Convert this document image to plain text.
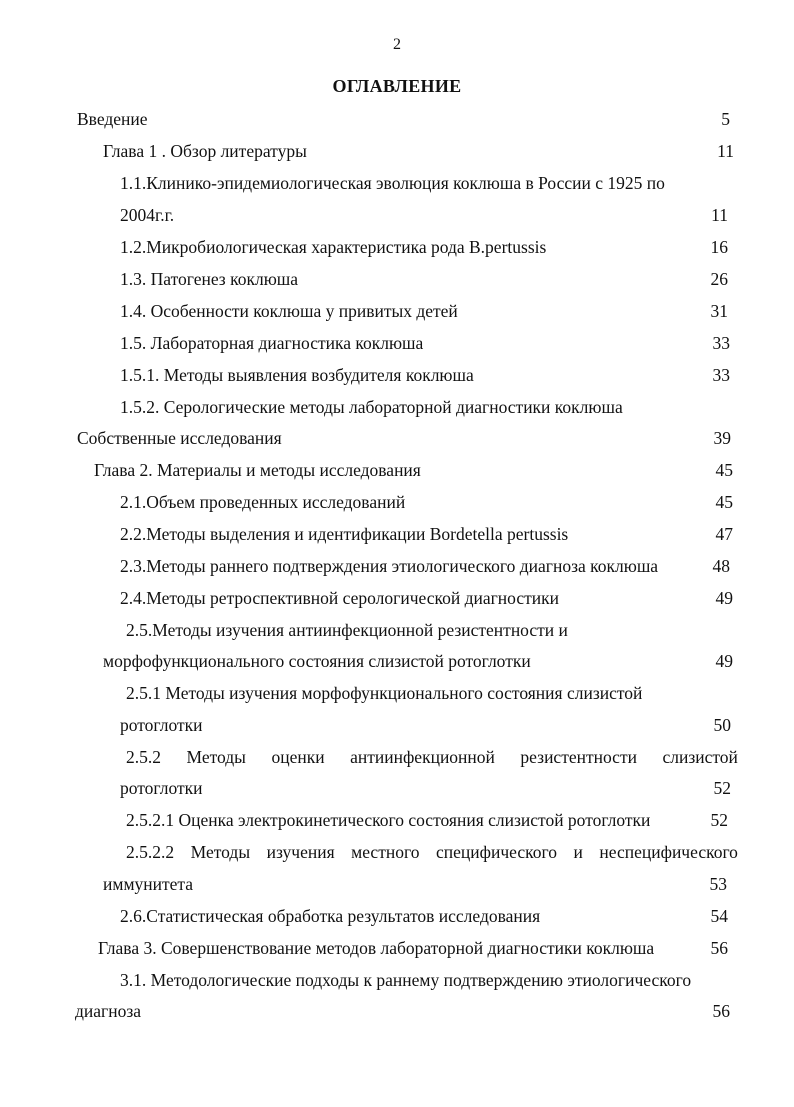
2
ОГЛАВЛЕНИЕ
Введение	5
Глава 1 . Обзор литературы	11
1.1.Клинико-эпидемиологическая эволюция коклюша в России с 1925 по
2004г.г.	11
1.2.Микробиологическая характеристика рода B.pertussis	16
1.3. Патогенез коклюша	26
1.4. Особенности коклюша у привитых детей	31
1.5. Лабораторная диагностика коклюша	33
1.5.1. Методы выявления возбудителя коклюша	33
1.5.2. Серологические методы лабораторной диагностики коклюша
Собственные исследования	39
Глава 2. Материалы и методы исследования	45
2.1.Объем проведенных исследований	45
2.2.Методы выделения и идентификации Bordetella pertussis	47
2.3.Методы раннего подтверждения этиологического диагноза коклюша	48
2.4.Методы ретроспективной серологической диагностики	49
2.5.Методы изучения антиинфекционной резистентности и
морфофункционального состояния слизистой ротоглотки	49
2.5.1 Методы изучения морфофункционального состояния слизистой
ротоглотки	50
2.5.2 Методы оценки антиинфекционной резистентности слизистой
ротоглотки	52
2.5.2.1 Оценка электрокинетического состояния слизистой ротоглотки	52
2.5.2.2 Методы изучения местного специфического и неспецифического
иммунитета	53
2.6.Статистическая обработка результатов исследования	54
Глава 3. Совершенствование методов лабораторной диагностики коклюша	56
3.1. Методологические подходы к раннему подтверждению этиологического
диагноза	56
